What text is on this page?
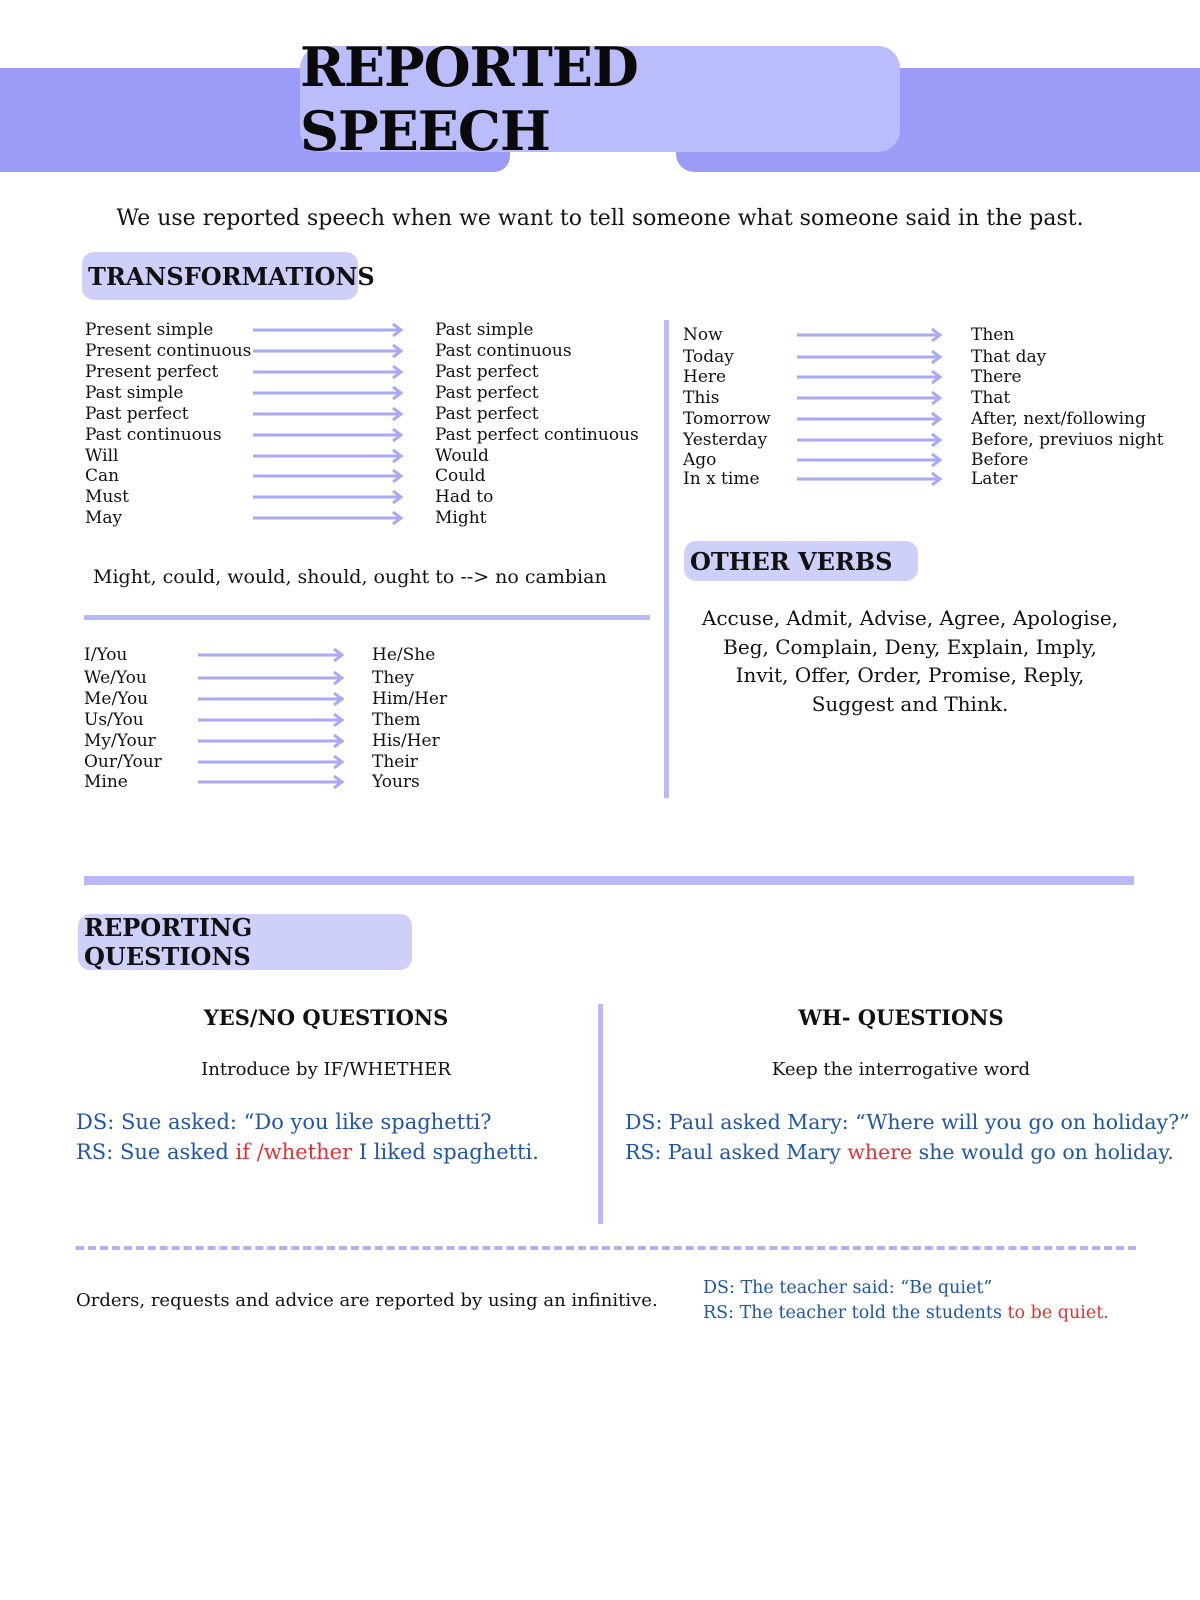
REPORTED SPEECH
We use reported speech when we want to tell someone what someone said in the past.
TRANSFORMATIONS
Present simple	Past simple
Present continuous	Past continuous
Present perfect	Past perfect
Past simple	Past perfect
Past perfect	Past perfect
Past continuous	Past perfect continuous
Will	Would
Can	Could
Must	Had to
May	Might
Might, could, would, should, ought to --> no cambian
I/You	He/She
We/You	They
Me/You	Him/Her
Us/You	Them
My/Your	His/Her
Our/Your	Their
Mine	Yours
Now	Then
Today	That day
Here	There
This	That
Tomorrow	After, next/following
Yesterday	Before, previuos night
Ago	Before
In x time	Later
OTHER VERBS
Accuse, Admit, Advise, Agree, Apologise,
Beg, Complain, Deny, Explain, Imply,
Invit, Offer, Order, Promise, Reply,
Suggest and Think.
REPORTING QUESTIONS
YES/NO QUESTIONS
Introduce by IF/WHETHER
DS: Sue asked: “Do you like spaghetti?
RS: Sue asked if /whether I liked spaghetti.
WH- QUESTIONS
Keep the interrogative word
DS: Paul asked Mary: “Where will you go on holiday?”
RS: Paul asked Mary where she would go on holiday.
Orders, requests and advice are reported by using an infinitive.
DS: The teacher said: “Be quiet”
RS: The teacher told the students to be quiet.
